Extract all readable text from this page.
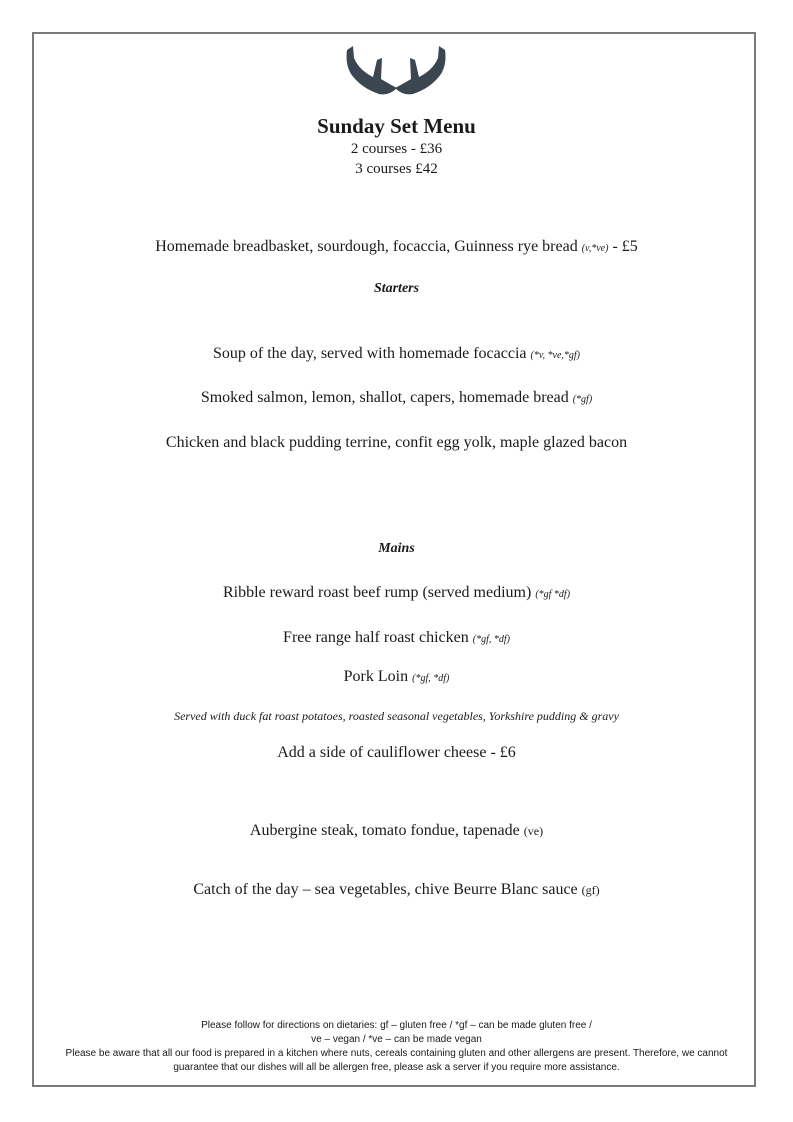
Sunday Set Menu
2 courses - £36
3 courses £42
Homemade breadbasket, sourdough, focaccia, Guinness rye bread (v,*ve) - £5
Starters
Soup of the day, served with homemade focaccia (*v, *ve,*gf)
Smoked salmon, lemon, shallot, capers, homemade bread (*gf)
Chicken and black pudding terrine, confit egg yolk, maple glazed bacon
Mains
Ribble reward roast beef rump (served medium) (*gf *df)
Free range half roast chicken (*gf, *df)
Pork Loin (*gf, *df)
Served with duck fat roast potatoes, roasted seasonal vegetables, Yorkshire pudding & gravy
Add a side of cauliflower cheese - £6
Aubergine steak, tomato fondue, tapenade (ve)
Catch of the day – sea vegetables, chive Beurre Blanc sauce (gf)
Please follow for directions on dietaries: gf – gluten free / *gf – can be made gluten free /
ve – vegan / *ve – can be made vegan
Please be aware that all our food is prepared in a kitchen where nuts, cereals containing gluten and other allergens are present. Therefore, we cannot
guarantee that our dishes will all be allergen free, please ask a server if you require more assistance.
